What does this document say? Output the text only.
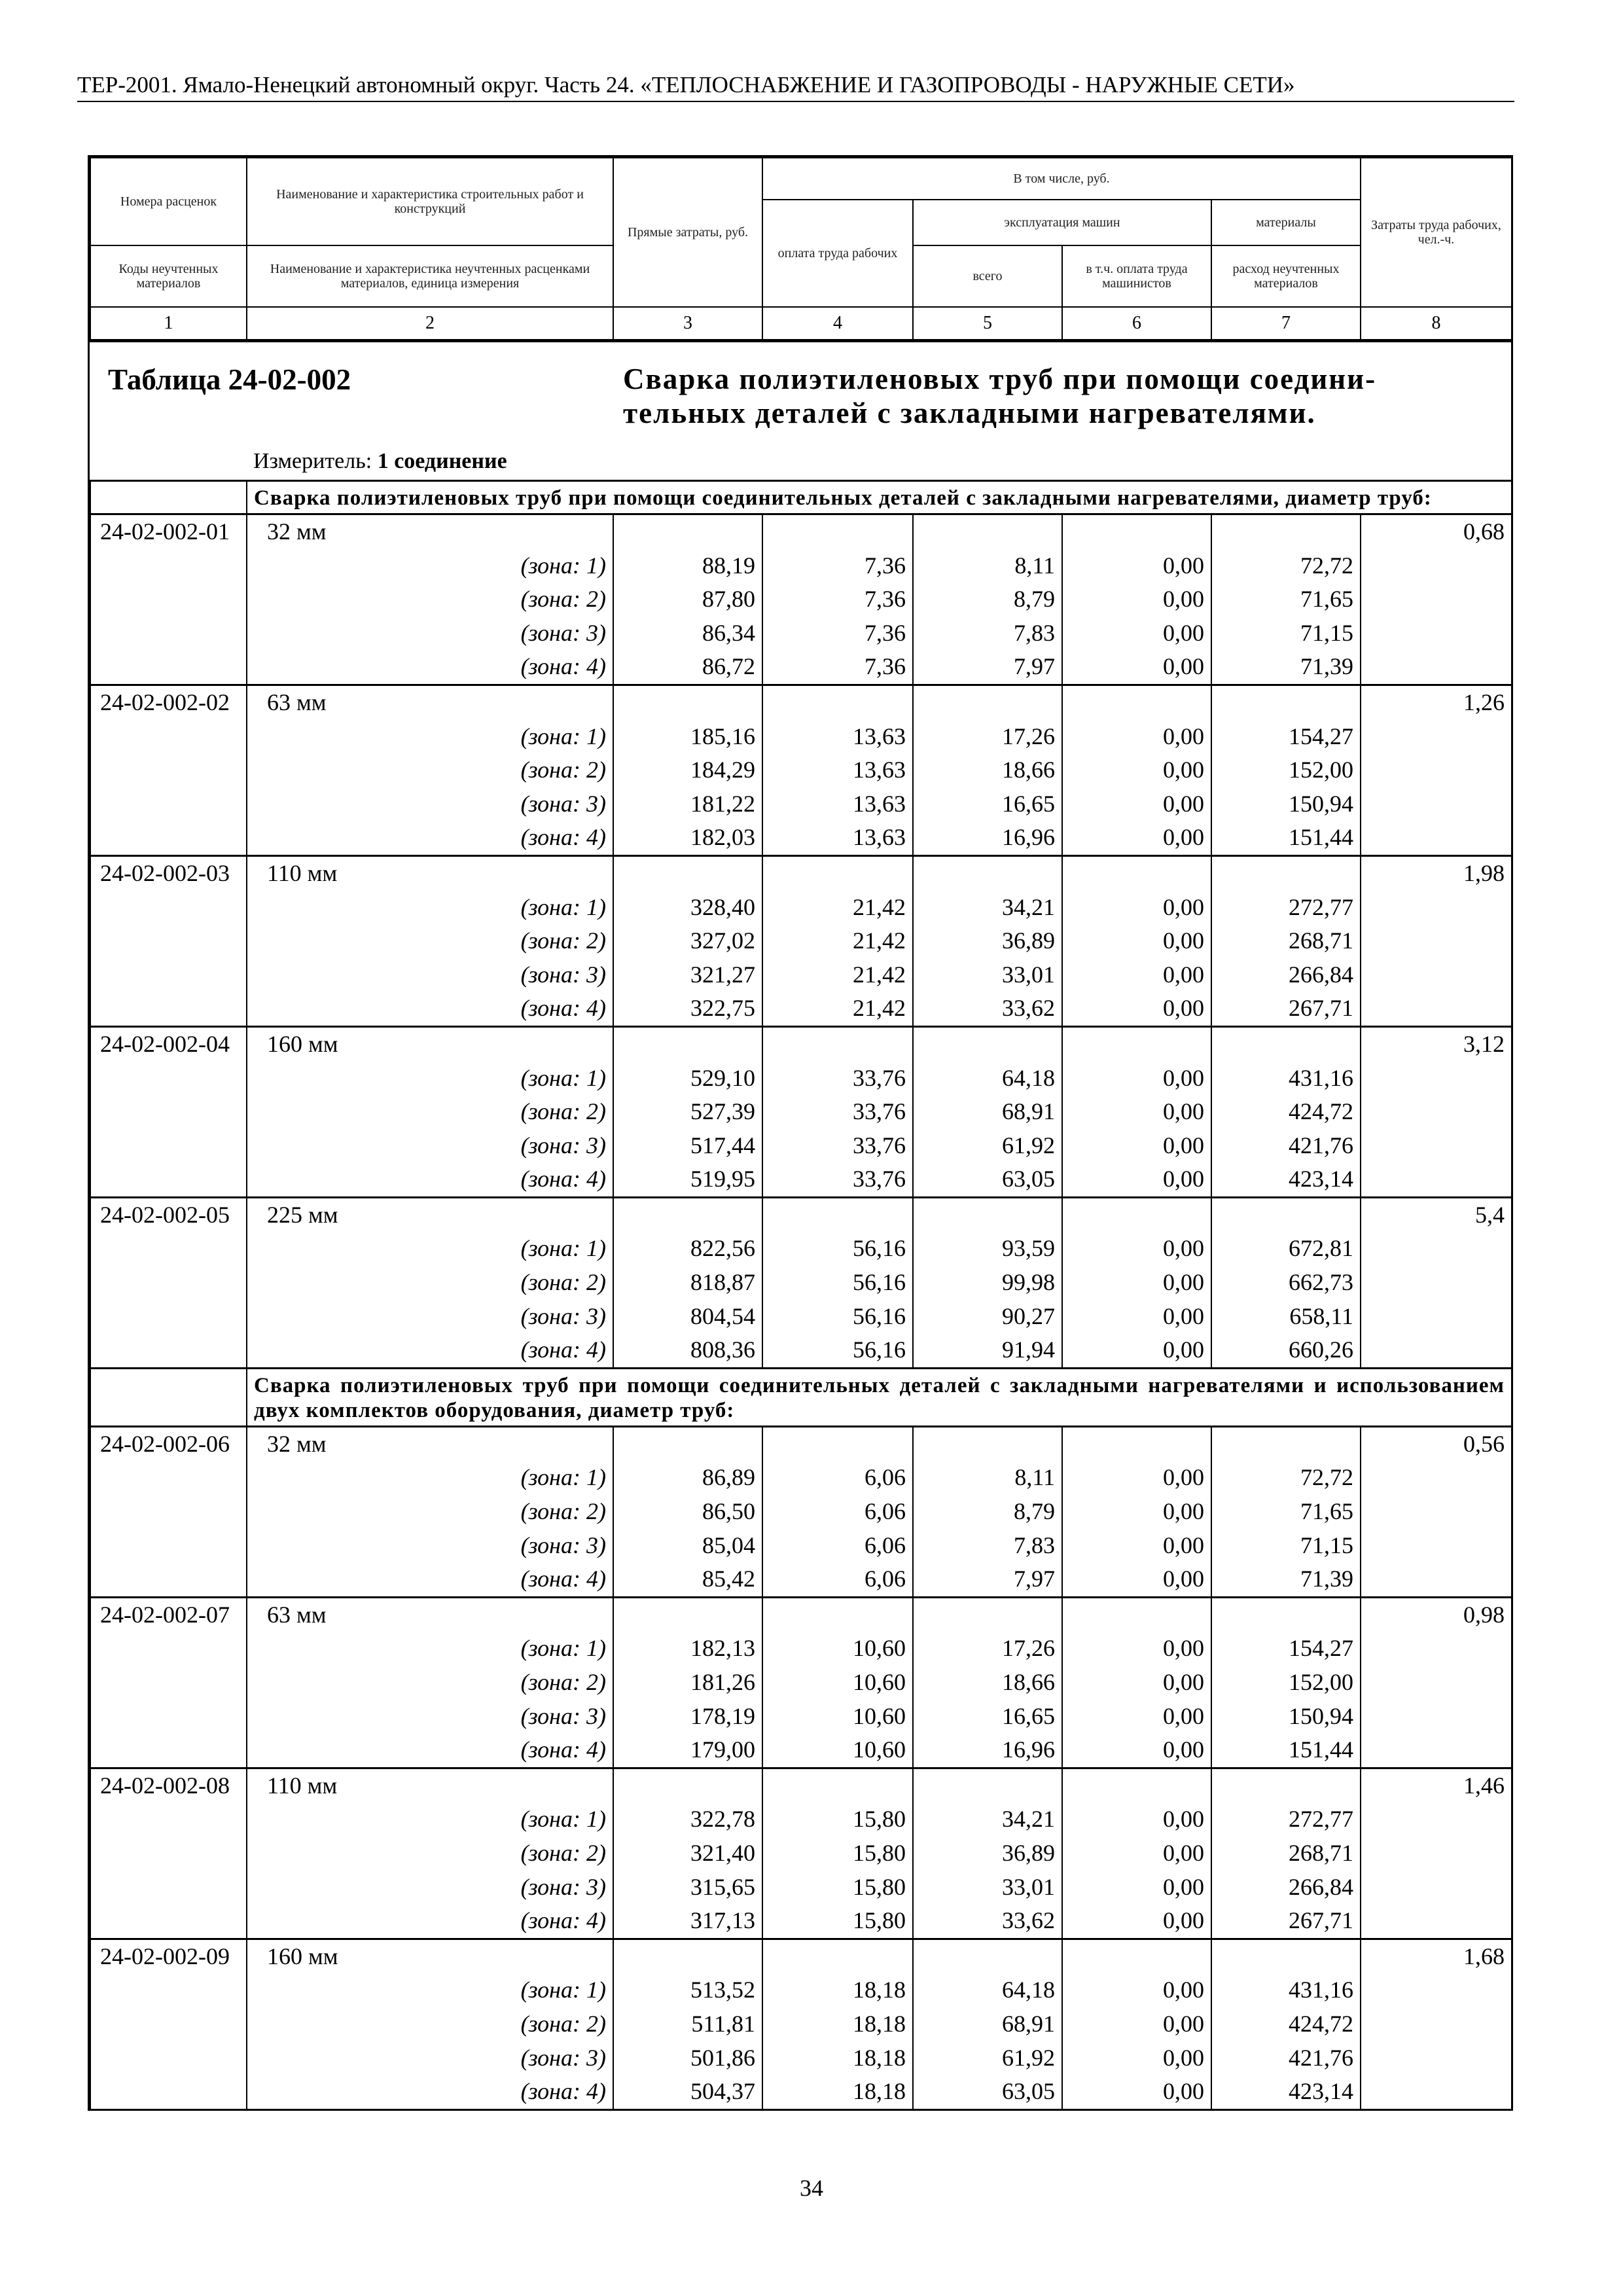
ТЕР-2001. Ямало-Ненецкий автономный округ. Часть 24. «ТЕПЛОСНАБЖЕНИЕ И ГАЗОПРОВОДЫ - НАРУЖНЫЕ СЕТИ»
Номера расценок	Наименование и характеристика строительных работ и конструкций	Прямые затраты, руб.	В том числе, руб.				Затраты труда рабочих, чел.-ч.
			оплата труда рабочих	эксплуатация машин		материалы	
Коды неучтенных материалов	Наименование и характеристика неучтенных расценками материалов, единица измерения			всего	в т.ч. оплата труда машинистов	расход неучтенных материалов	
1	2	3	4	5	6	7	8
Таблица 24-02-002	Сварка полиэтиленовых труб при помощи соедини-тельных деталей с закладными нагревателями.
Измеритель: 1 соединение
	Сварка полиэтиленовых труб при помощи соединительных деталей с закладными нагревателями, диаметр труб:						
24-02-002-01	32 мм						0,68
	(зона: 1)	88,19	7,36	8,11	0,00	72,72	
	(зона: 2)	87,80	7,36	8,79	0,00	71,65	
	(зона: 3)	86,34	7,36	7,83	0,00	71,15	
	(зона: 4)	86,72	7,36	7,97	0,00	71,39	
24-02-002-02	63 мм						1,26
	(зона: 1)	185,16	13,63	17,26	0,00	154,27	
	(зона: 2)	184,29	13,63	18,66	0,00	152,00	
	(зона: 3)	181,22	13,63	16,65	0,00	150,94	
	(зона: 4)	182,03	13,63	16,96	0,00	151,44	
24-02-002-03	110 мм						1,98
	(зона: 1)	328,40	21,42	34,21	0,00	272,77	
	(зона: 2)	327,02	21,42	36,89	0,00	268,71	
	(зона: 3)	321,27	21,42	33,01	0,00	266,84	
	(зона: 4)	322,75	21,42	33,62	0,00	267,71	
24-02-002-04	160 мм						3,12
	(зона: 1)	529,10	33,76	64,18	0,00	431,16	
	(зона: 2)	527,39	33,76	68,91	0,00	424,72	
	(зона: 3)	517,44	33,76	61,92	0,00	421,76	
	(зона: 4)	519,95	33,76	63,05	0,00	423,14	
24-02-002-05	225 мм						5,4
	(зона: 1)	822,56	56,16	93,59	0,00	672,81	
	(зона: 2)	818,87	56,16	99,98	0,00	662,73	
	(зона: 3)	804,54	56,16	90,27	0,00	658,11	
	(зона: 4)	808,36	56,16	91,94	0,00	660,26	
	Сварка полиэтиленовых труб при помощи соединительных деталей с закладными нагревателями и использованием двух комплектов оборудования, диаметр труб:						
24-02-002-06	32 мм						0,56
	(зона: 1)	86,89	6,06	8,11	0,00	72,72	
	(зона: 2)	86,50	6,06	8,79	0,00	71,65	
	(зона: 3)	85,04	6,06	7,83	0,00	71,15	
	(зона: 4)	85,42	6,06	7,97	0,00	71,39	
24-02-002-07	63 мм						0,98
	(зона: 1)	182,13	10,60	17,26	0,00	154,27	
	(зона: 2)	181,26	10,60	18,66	0,00	152,00	
	(зона: 3)	178,19	10,60	16,65	0,00	150,94	
	(зона: 4)	179,00	10,60	16,96	0,00	151,44	
24-02-002-08	110 мм						1,46
	(зона: 1)	322,78	15,80	34,21	0,00	272,77	
	(зона: 2)	321,40	15,80	36,89	0,00	268,71	
	(зона: 3)	315,65	15,80	33,01	0,00	266,84	
	(зона: 4)	317,13	15,80	33,62	0,00	267,71	
24-02-002-09	160 мм						1,68
	(зона: 1)	513,52	18,18	64,18	0,00	431,16	
	(зона: 2)	511,81	18,18	68,91	0,00	424,72	
	(зона: 3)	501,86	18,18	61,92	0,00	421,76	
	(зона: 4)	504,37	18,18	63,05	0,00	423,14	
34
